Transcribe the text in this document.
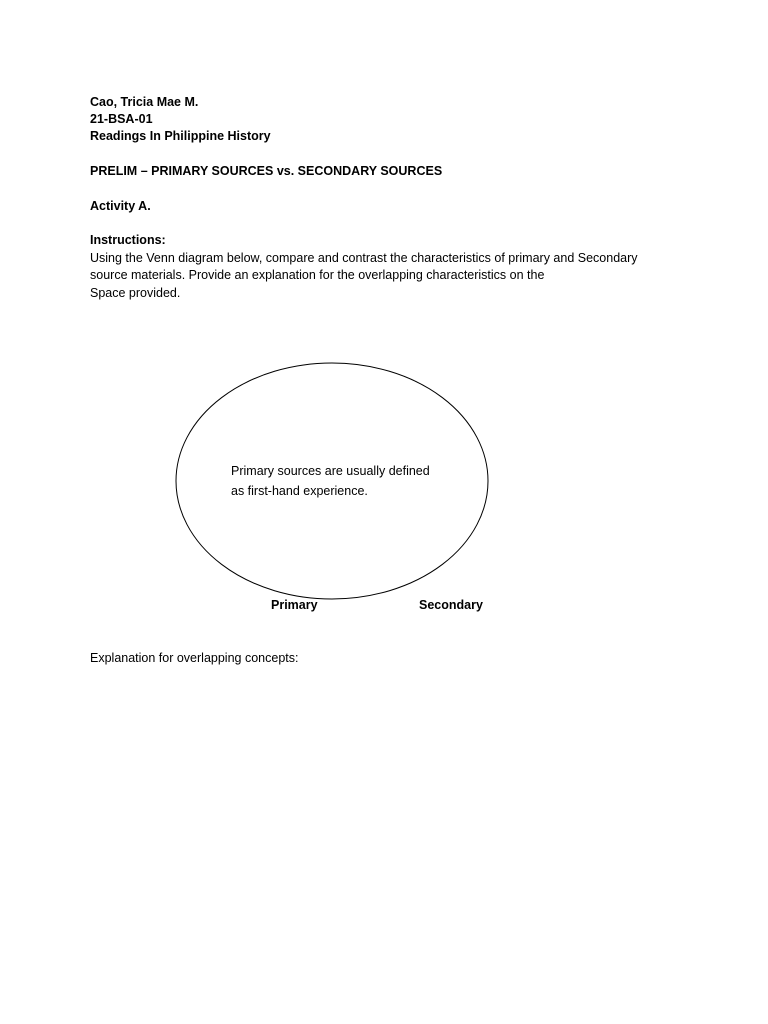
Cao, Tricia Mae M.
21-BSA-01
Readings In Philippine History
PRELIM – PRIMARY SOURCES vs. SECONDARY SOURCES
Activity A.
Instructions:
Using the Venn diagram below, compare and contrast the characteristics of primary and Secondary
source materials. Provide an explanation for the overlapping characteristics on the
Space provided.
Primary sources are usually defined
as first-hand experience.
Primary	Secondary
Explanation for overlapping concepts:
